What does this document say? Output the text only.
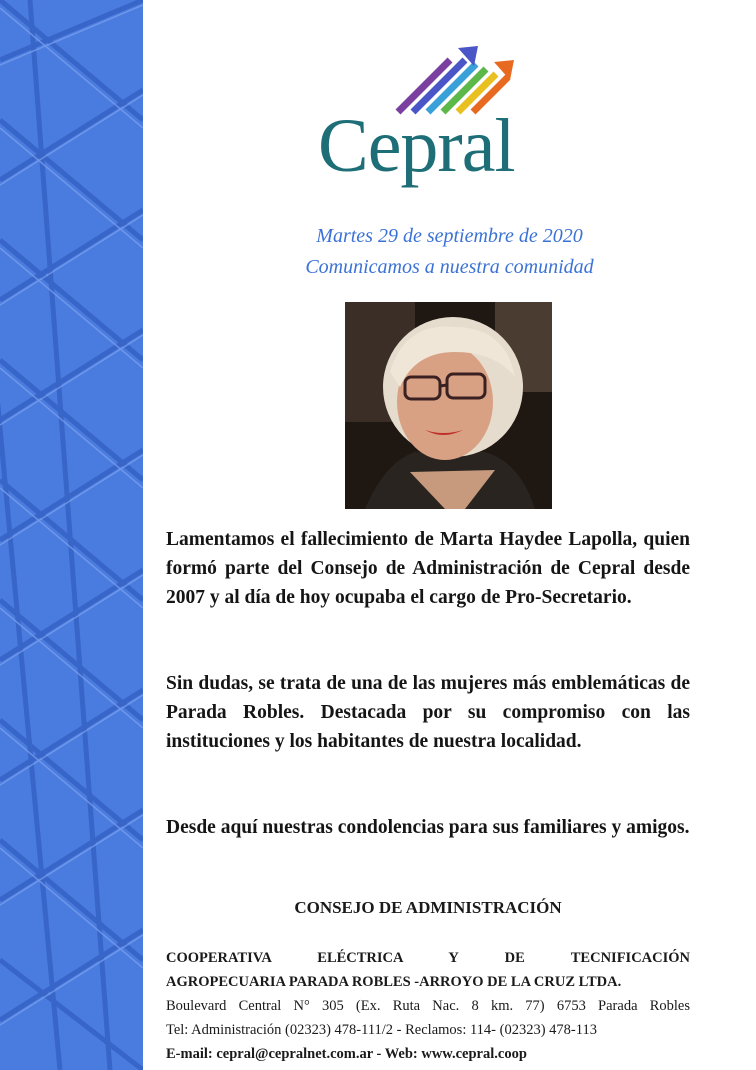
Cepral
Martes 29 de septiembre de 2020
Comunicamos a nuestra comunidad

Lamentamos el fallecimiento de Marta Haydee Lapolla, quien formó parte del Consejo de Administración de Cepral desde 2007 y al día de hoy ocupaba el cargo de Pro-Secretario.

Sin dudas, se trata de una de las mujeres más emblemáticas de Parada Robles. Destacada por su compromiso con las instituciones y los habitantes de nuestra localidad.

Desde aquí nuestras condolencias para sus familiares y amigos.

CONSEJO DE ADMINISTRACIÓN
COOPERATIVA ELÉCTRICA Y DE TECNIFICACIÓN
AGROPECUARIA PARADA ROBLES -ARROYO DE LA CRUZ LTDA.
Boulevard Central N° 305 (Ex. Ruta Nac. 8 km. 77) 6753 Parada Robles
Tel: Administración (02323) 478-111/2 - Reclamos: 114- (02323) 478-113
E-mail: cepral@cepralnet.com.ar - Web: www.cepral.coop
